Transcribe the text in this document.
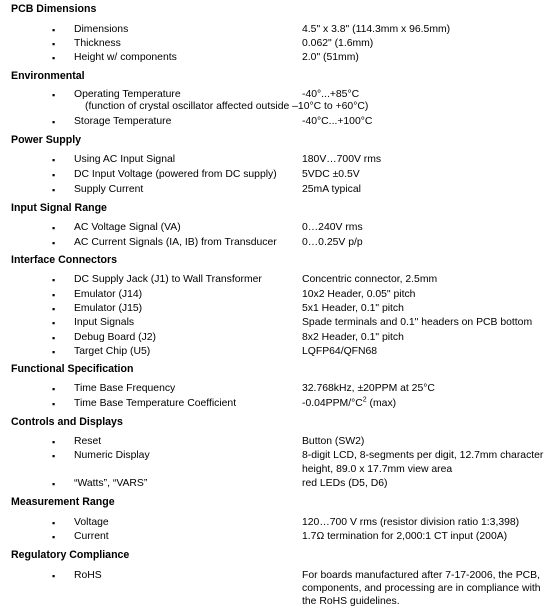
PCB Dimensions
▪ Dimensions	4.5" x 3.8" (114.3mm x 96.5mm)
▪ Thickness	0.062" (1.6mm)
▪ Height w/ components	2.0" (51mm)
Environmental
▪ Operating Temperature	-40°...+85°C
(function of crystal oscillator affected outside –10°C to +60°C)
▪ Storage Temperature	-40°C...+100°C
Power Supply
▪ Using AC Input Signal	180V…700V rms
▪ DC Input Voltage (powered from DC supply) 5VDC ±0.5V
▪ Supply Current	25mA typical
Input Signal Range
▪ AC Voltage Signal (VA)	0…240V rms
▪ AC Current Signals (IA, IB) from Transducer 0…0.25V p/p
Interface Connectors
▪ DC Supply Jack (J1) to Wall Transformer	Concentric connector, 2.5mm
▪ Emulator (J14)	10x2 Header, 0.05" pitch
▪ Emulator (J15)	5x1 Header, 0.1" pitch
▪ Input Signals	Spade terminals and 0.1" headers on PCB bottom
▪ Debug Board (J2)	8x2 Header, 0.1" pitch
▪ Target Chip (U5)	LQFP64/QFN68
Functional Specification
▪ Time Base Frequency	32.768kHz, ±20PPM at 25°C
▪ Time Base Temperature Coefficient	$-0.04PPM/^\circ C^2$ (max)
Controls and Displays
▪ Reset	Button (SW2)
▪ Numeric Display	8-digit LCD, 8-segments per digit, 12.7mm character
height, 89.0 x 17.7mm view area
▪ “Watts”, “VARS”	red LEDs (D5, D6)
Measurement Range
▪ Voltage	120…700 V rms (resistor division ratio 1:3,398)
▪ Current	1.7Ω termination for 2,000:1 CT input (200A)
Regulatory Compliance
▪ RoHS	For boards manufactured after 7-17-2006, the PCB,
components, and processing are in compliance with
the RoHS guidelines.
